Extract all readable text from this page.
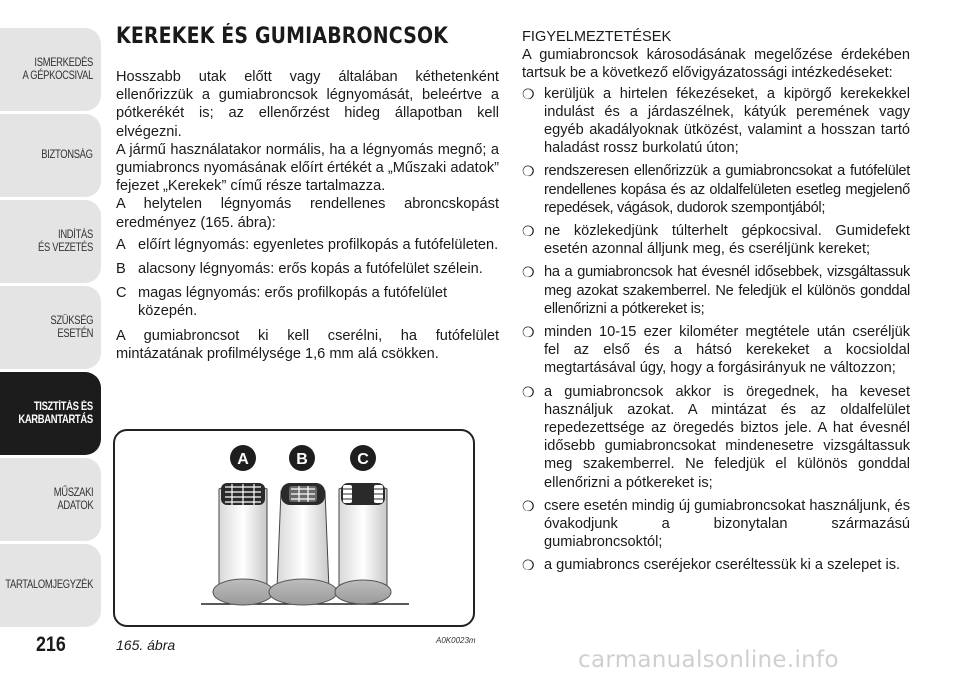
ISMERKEDÉS
A GÉPKOCSIVAL
BIZTONSÁG
INDÍTÁS
ÉS VEZETÉS
SZÜKSÉG
ESETÉN
TISZTÍTÁS ÉS
KARBANTARTÁS
MŰSZAKI
ADATOK
TARTALOMJEGYZÉK
216
KEREKEK ÉS GUMIABRONCSOK

Hosszabb utak előtt vagy általában kéthetenként ellenőrizzük a gumiabroncsok légnyomását, beleértve a pótkerékét is; az ellenőrzést hideg állapotban kell elvégezni.

A jármű használatakor normális, ha a légnyomás megnő; a gumiabroncs nyomásának előírt értékét a „Műszaki adatok” fejezet „Kerekek” című része tartalmazza.

A helytelen légnyomás rendellenes abroncskopást eredményez (165. ábra):

A előírt légnyomás: egyenletes profilkopás a futófelületen.
B alacsony légnyomás: erős kopás a futófelület szélein.
C magas légnyomás: erős profilkopás a futófelület közepén.

A gumiabroncsot ki kell cserélni, ha futófelület mintázatának profilmélysége 1,6 mm alá csökken.

A	B	C
165. ábra	A0K0023m

FIGYELMEZTETÉSEK

A gumiabroncsok károsodásának megelőzése érdekében tartsuk be a következő elővigyázatossági intézkedéseket:

❍ kerüljük a hirtelen fékezéseket, a kipörgő kerekekkel indulást és a járdaszélnek, kátyúk peremének vagy egyéb akadályoknak ütközést, valamint a hosszan tartó haladást rossz burkolatú úton;
❍ rendszeresen ellenőrizzük a gumiabroncsokat a futófelület rendellenes kopása és az oldalfelületen esetleg megjelenő repedések, vágások, dudorok szempontjából;
❍ ne közlekedjünk túlterhelt gépkocsival. Gumidefekt esetén azonnal álljunk meg, és cseréljünk kereket;
❍ ha a gumiabroncsok hat évesnél idősebbek, vizsgáltassuk meg azokat szakemberrel. Ne feledjük el különös gonddal ellenőrizni a pótkereket is;
❍ minden 10-15 ezer kilométer megtétele után cseréljük fel az első és a hátsó kerekeket a kocsioldal megtartásával úgy, hogy a forgásirányuk ne változzon;
❍ a gumiabroncsok akkor is öregednek, ha keveset használjuk azokat. A mintázat és az oldalfelület repedezettsége az öregedés biztos jele. A hat évesnél idősebb gumiabroncsokat mindenesetre vizsgáltassuk meg szakemberrel. Ne feledjük el különös gonddal ellenőrizni a pótkereket is;
❍ csere esetén mindig új gumiabroncsokat használjunk, és óvakodjunk a bizonytalan származású gumiabroncsoktól;
❍ a gumiabroncs cseréjekor cseréltessük ki a szelepet is.
carmanualsonline.info
